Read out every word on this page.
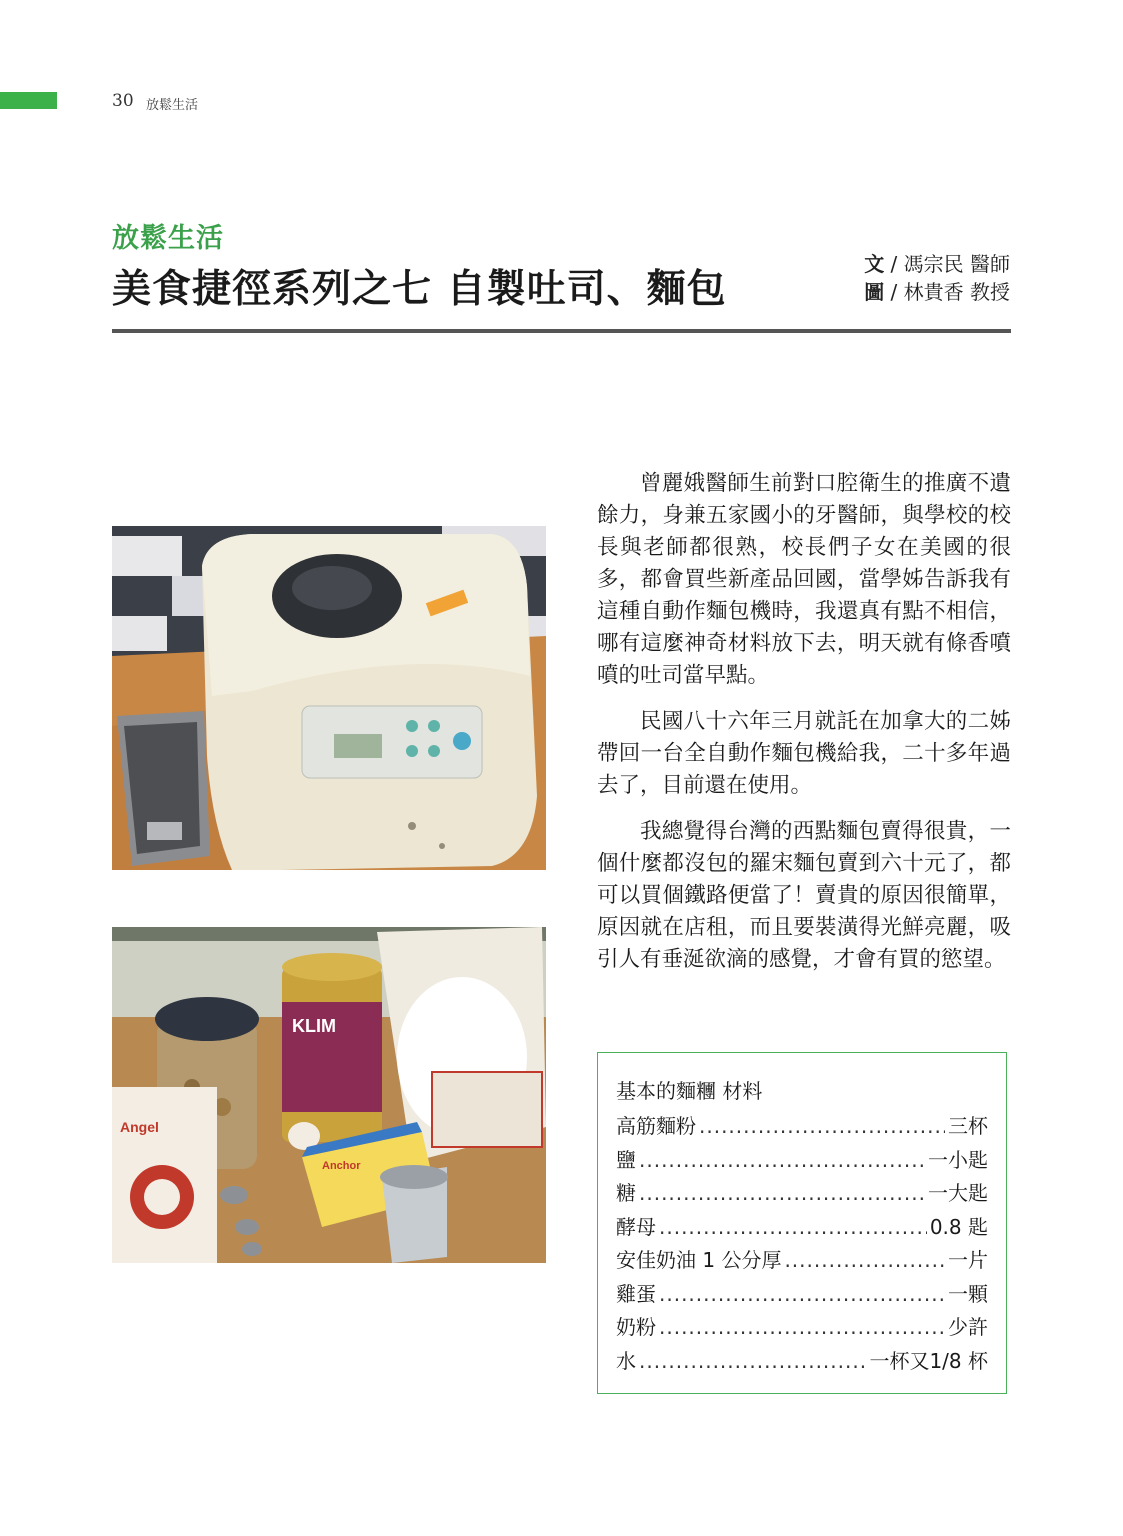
30 放鬆生活
放鬆生活
美食捷徑系列之七 自製吐司、麵包
文 / 馮宗民 醫師
圖 / 林貴香 教授
KLIM
Anchor
Angel

曾麗娥醫師生前對口腔衛生的推廣不遺餘力，身兼五家國小的牙醫師，與學校的校長與老師都很熟，校長們子女在美國的很多，都會買些新產品回國，當學姊告訴我有這種自動作麵包機時，我還真有點不相信，哪有這麼神奇材料放下去，明天就有條香噴噴的吐司當早點。

民國八十六年三月就託在加拿大的二姊帶回一台全自動作麵包機給我，二十多年過去了，目前還在使用。

我總覺得台灣的西點麵包賣得很貴，一個什麼都沒包的羅宋麵包賣到六十元了，都可以買個鐵路便當了！賣貴的原因很簡單，原因就在店租，而且要裝潢得光鮮亮麗，吸引人有垂涎欲滴的感覺，才會有買的慾望。

基本的麵糰 材料
高筋麵粉 .....	三杯
鹽 .....	一小匙
糖 .....	一大匙
酵母 .....	0.8 匙
安佳奶油 1 公分厚 .....	一片
雞蛋 .....	一顆
奶粉 .....	少許
水 .....	一杯又1/8 杯
